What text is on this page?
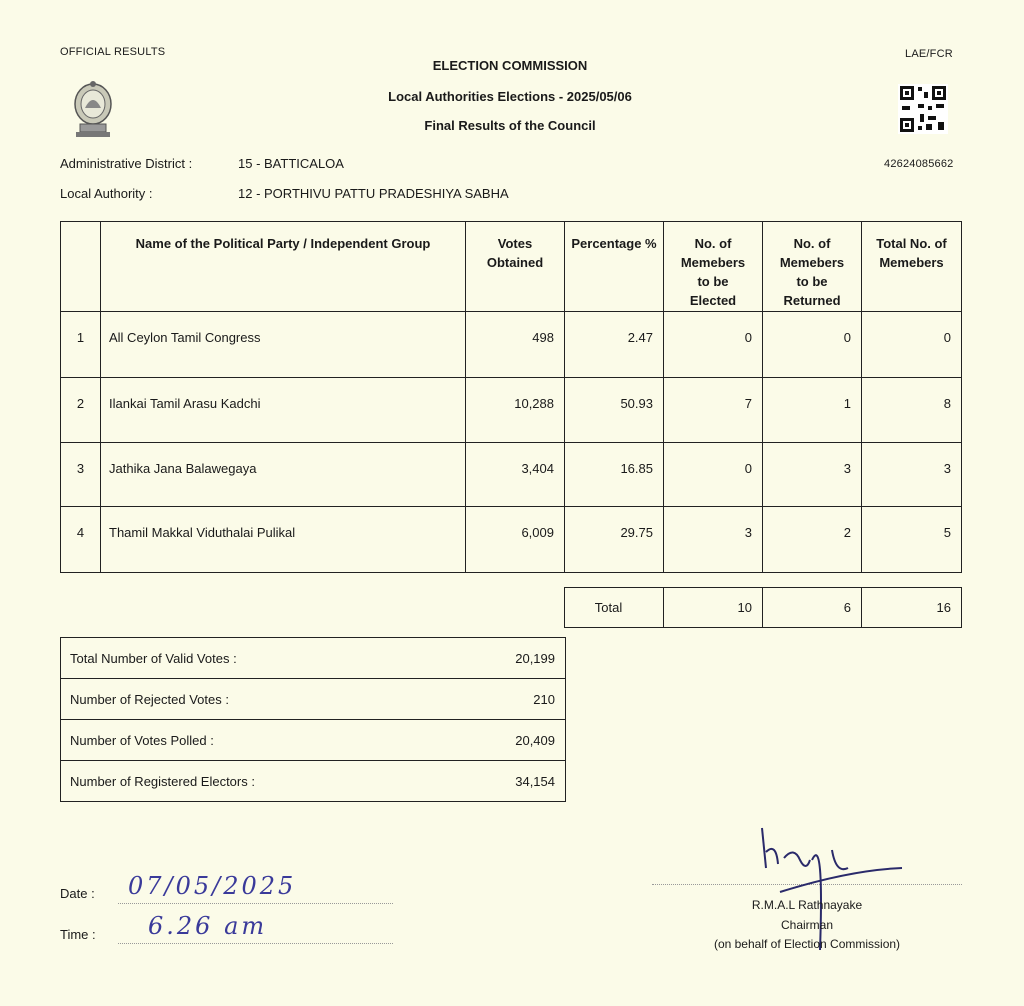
OFFICIAL RESULTS	LAE/FCR
ELECTION COMMISSION
Local Authorities Elections - 2025/05/06
Final Results of the Council
42624085662
Administrative District :	15 - BATTICALOA
Local Authority :	12 - PORTHIVU PATTU PRADESHIYA SABHA
	Name of the Political Party / Independent Group	Votes Obtained	Percentage %	No. of Memebers to be Elected	No. of Memebers to be Returned	Total No. of Memebers
1	All Ceylon Tamil Congress	498	2.47	0	0	0
2	Ilankai Tamil Arasu Kadchi	10,288	50.93	7	1	8
3	Jathika Jana Balawegaya	3,404	16.85	0	3	3
4	Thamil Makkal Viduthalai Pulikal	6,009	29.75	3	2	5
Total	10	6	16
Total Number of Valid Votes :	20,199
Number of Rejected Votes :	210
Number of Votes Polled :	20,409
Number of Registered Electors :	34,154
Date : 07/05/2025
Time : 6.26 am
R.M.A.L Rathnayake
Chairman
(on behalf of Election Commission)
